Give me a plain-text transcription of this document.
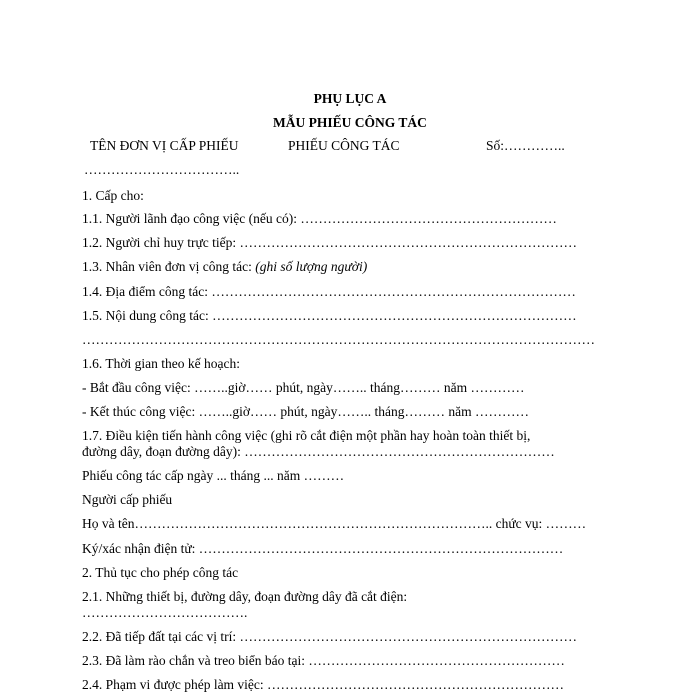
PHỤ LỤC A
MẪU PHIẾU CÔNG TÁC
TÊN ĐƠN VỊ CẤP PHIẾU	PHIẾU CÔNG TÁC	Số:…………..
……………………………..
1. Cấp cho:
1.1. Người lãnh đạo công việc (nếu có): …………………………………………………
1.2. Người chỉ huy trực tiếp: …………………………………………………………………
1.3. Nhân viên đơn vị công tác: (ghi số lượng người)
1.4. Địa điểm công tác: ………………………………………………………………………
1.5. Nội dung công tác: ………………………………………………………………………
……………………………………………………………………………………………………
1.6. Thời gian theo kế hoạch:
- Bắt đầu công việc: ……..giờ…… phút, ngày…….. tháng……… năm …………
- Kết thúc công việc: ……..giờ…… phút, ngày…….. tháng……… năm …………
1.7. Điều kiện tiến hành công việc (ghi rõ cắt điện một phần hay hoàn toàn thiết bị,
đường dây, đoạn đường dây): ……………………………………………………………
Phiếu công tác cấp ngày ... tháng ... năm ………
Người cấp phiếu
Họ và tên…………………………………………………………………….. chức vụ: ………
Ký/xác nhận điện tử: ………………………………………………………………………
2. Thủ tục cho phép công tác
2.1. Những thiết bị, đường dây, đoạn đường dây đã cắt điện:
……………………………….
2.2. Đã tiếp đất tại các vị trí: …………………………………………………………………
2.3. Đã làm rào chắn và treo biển báo tại: …………………………………………………
2.4. Phạm vi được phép làm việc: …………………………………………………………
